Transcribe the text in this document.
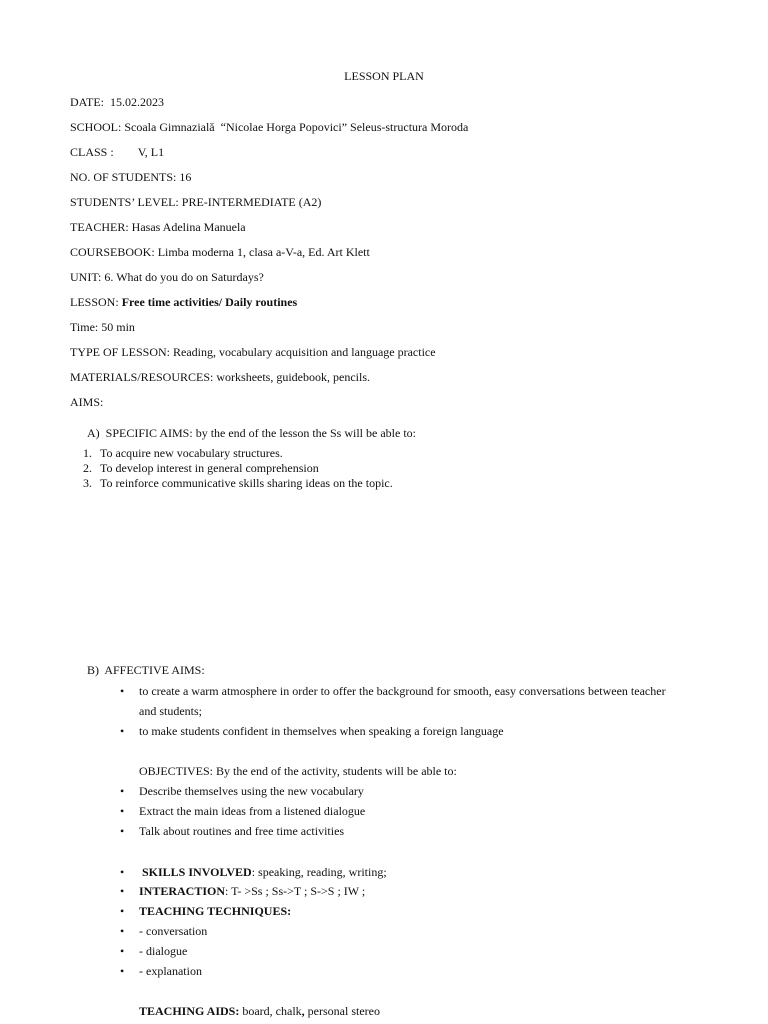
LESSON PLAN
DATE: 15.02.2023
SCHOOL: Scoala Gimnazială  “Nicolae Horga Popovici” Seleus-structura Moroda
CLASS : V, L1
NO. OF STUDENTS: 16
STUDENTS’ LEVEL: PRE-INTERMEDIATE (A2)
TEACHER: Hasas Adelina Manuela
COURSEBOOK: Limba moderna 1, clasa a-V-a, Ed. Art Klett
UNIT: 6. What do you do on Saturdays?
LESSON: Free time activities/ Daily routines
Time: 50 min
TYPE OF LESSON: Reading, vocabulary acquisition and language practice
MATERIALS/RESOURCES: worksheets, guidebook, pencils.
AIMS:
A)  SPECIFIC AIMS: by the end of the lesson the Ss will be able to:
1. To acquire new vocabulary structures.
2. To develop interest in general comprehension
3. To reinforce communicative skills sharing ideas on the topic.
B)  AFFECTIVE AIMS:
• to create a warm atmosphere in order to offer the background for smooth, easy conversations between teacher and students;
• to make students confident in themselves when speaking a foreign language
OBJECTIVES: By the end of the activity, students will be able to:
• Describe themselves using the new vocabulary
• Extract the main ideas from a listened dialogue
• Talk about routines and free time activities
• SKILLS INVOLVED: speaking, reading, writing;
• INTERACTION: T- >Ss ; Ss->T ; S->S ; IW ;
• TEACHING TECHNIQUES:
• - conversation
• - dialogue
• - explanation
TEACHING AIDS: board, chalk, personal stereo
